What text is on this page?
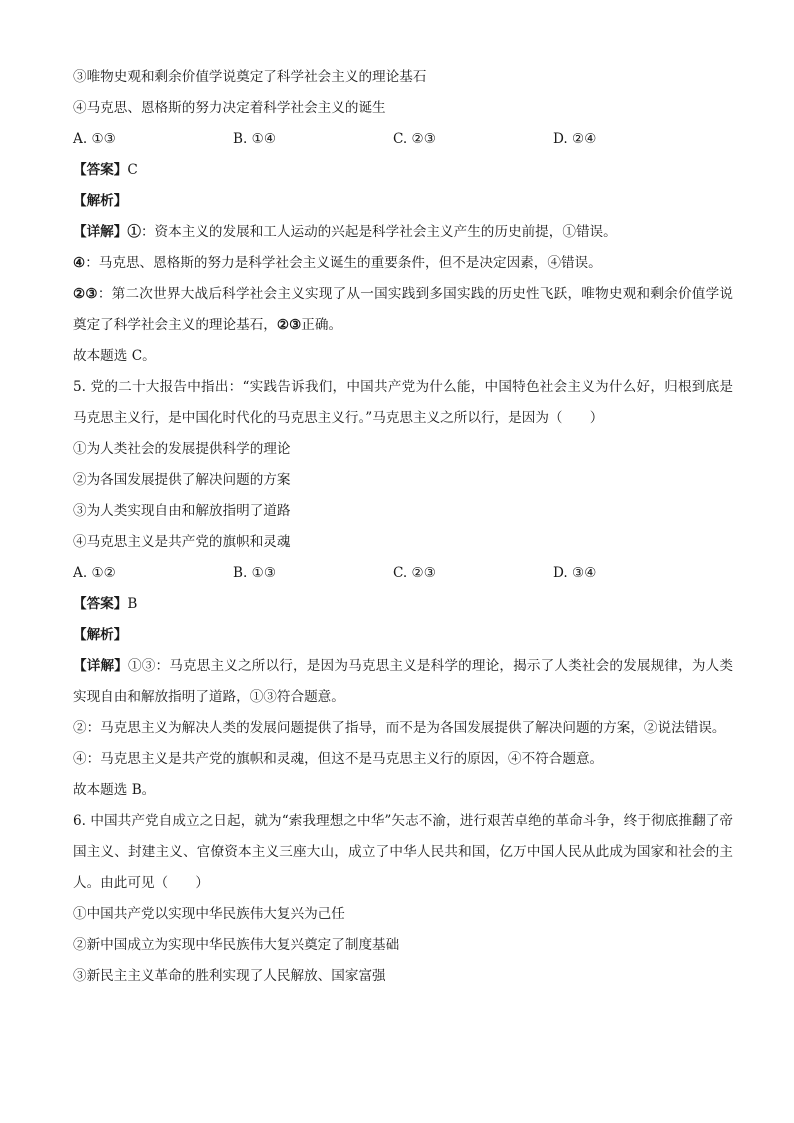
③唯物史观和剩余价值学说奠定了科学社会主义的理论基石
④马克思、恩格斯的努力决定着科学社会主义的诞生
A. ①③	B. ①④	C. ②③	D. ②④
【答案】C
【解析】
【详解】①：资本主义的发展和工人运动的兴起是科学社会主义产生的历史前提，①错误。
④：马克思、恩格斯的努力是科学社会主义诞生的重要条件，但不是决定因素，④错误。
②③：第二次世界大战后科学社会主义实现了从一国实践到多国实践的历史性飞跃，唯物史观和剩余价值学说奠定了科学社会主义的理论基石，②③正确。
故本题选 C。
5. 党的二十大报告中指出：“实践告诉我们，中国共产党为什么能，中国特色社会主义为什么好，归根到底是马克思主义行，是中国化时代化的马克思主义行。”马克思主义之所以行，是因为（　　）
①为人类社会的发展提供科学的理论
②为各国发展提供了解决问题的方案
③为人类实现自由和解放指明了道路
④马克思主义是共产党的旗帜和灵魂
A. ①②	B. ①③	C. ②③	D. ③④
【答案】B
【解析】
【详解】①③：马克思主义之所以行，是因为马克思主义是科学的理论，揭示了人类社会的发展规律，为人类实现自由和解放指明了道路，①③符合题意。
②：马克思主义为解决人类的发展问题提供了指导，而不是为各国发展提供了解决问题的方案，②说法错误。
④：马克思主义是共产党的旗帜和灵魂，但这不是马克思主义行的原因，④不符合题意。
故本题选 B。
6. 中国共产党自成立之日起，就为“索我理想之中华”矢志不渝，进行艰苦卓绝的革命斗争，终于彻底推翻了帝国主义、封建主义、官僚资本主义三座大山，成立了中华人民共和国，亿万中国人民从此成为国家和社会的主人。由此可见（　　）
①中国共产党以实现中华民族伟大复兴为己任
②新中国成立为实现中华民族伟大复兴奠定了制度基础
③新民主主义革命的胜利实现了人民解放、国家富强
